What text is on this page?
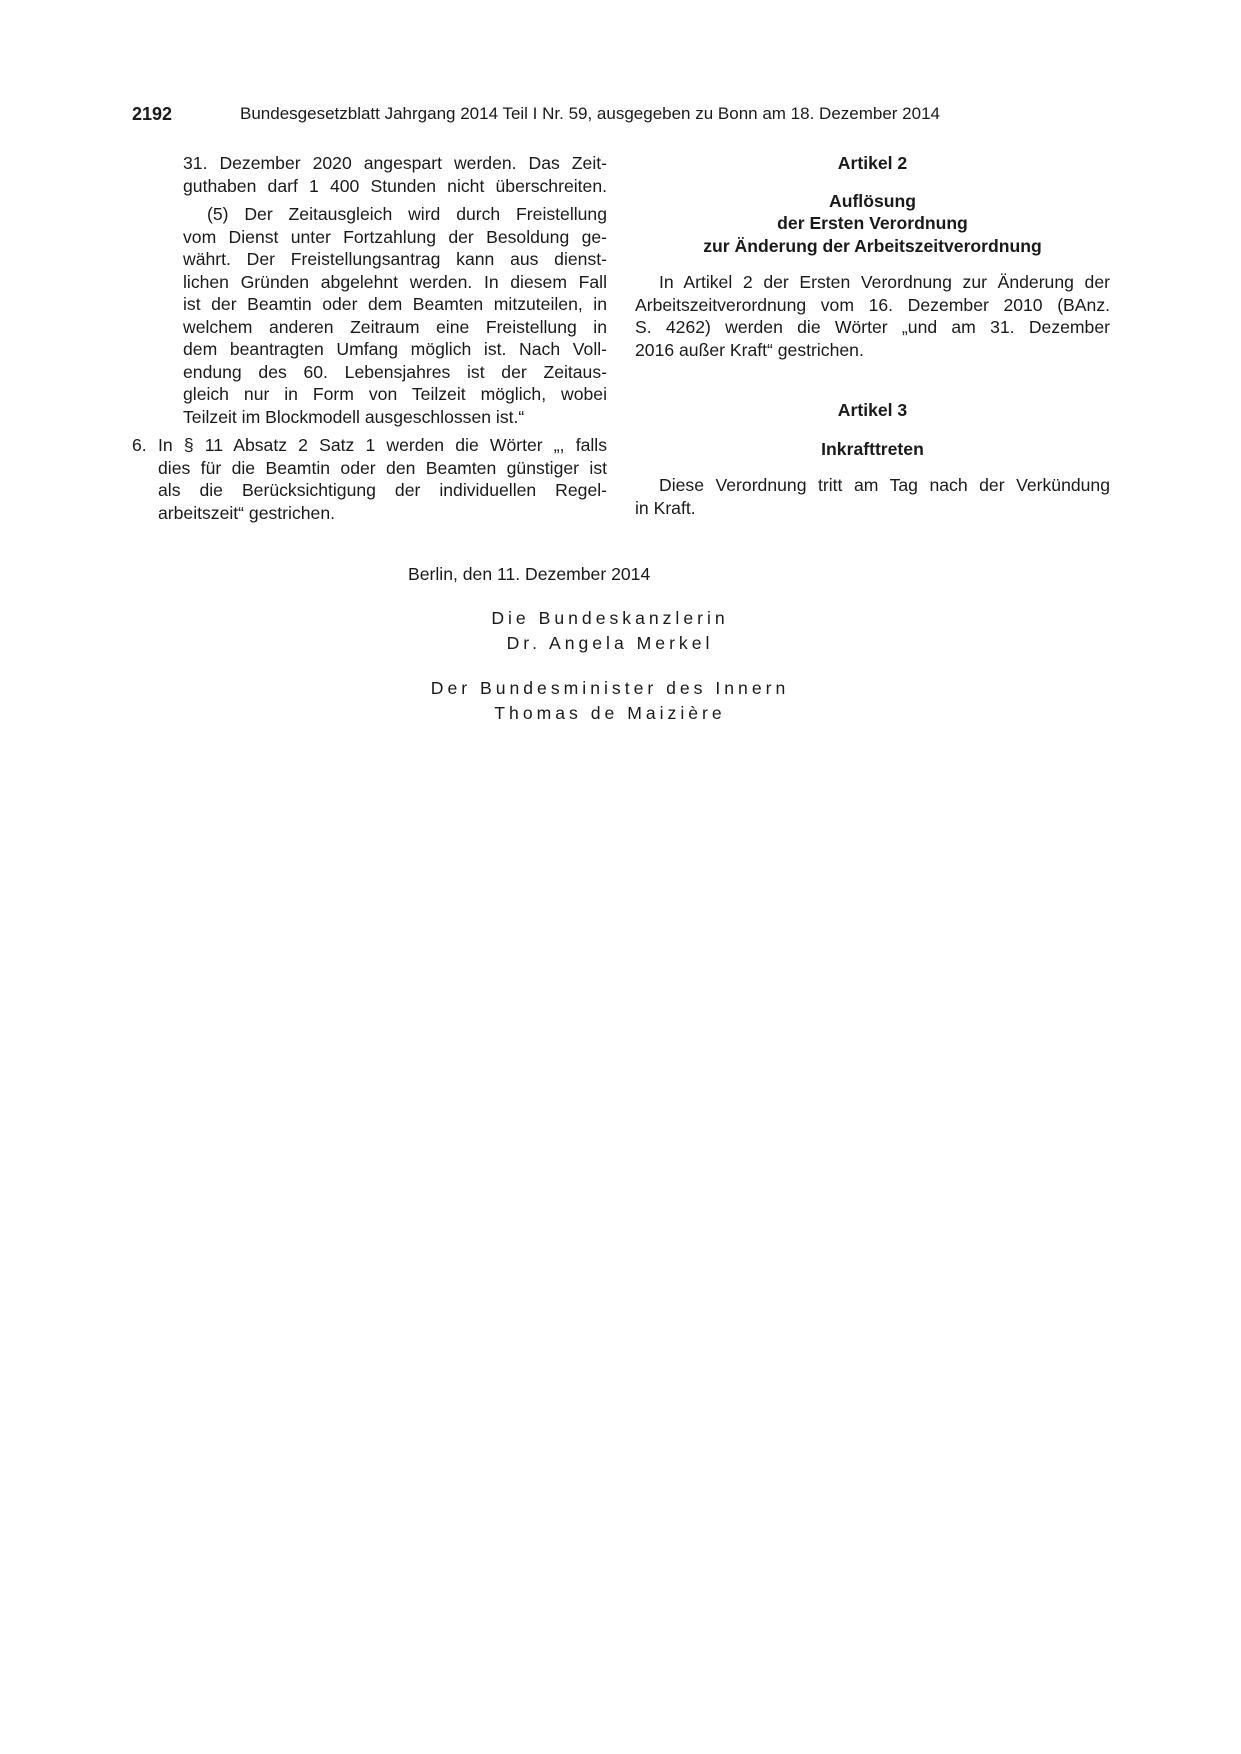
2192	Bundesgesetzblatt Jahrgang 2014 Teil I Nr. 59, ausgegeben zu Bonn am 18. Dezember 2014
31. Dezember 2020 angespart werden. Das Zeit-
guthaben darf 1 400 Stunden nicht überschreiten.
(5) Der Zeitausgleich wird durch Freistellung
vom Dienst unter Fortzahlung der Besoldung ge-
währt. Der Freistellungsantrag kann aus dienst-
lichen Gründen abgelehnt werden. In diesem Fall
ist der Beamtin oder dem Beamten mitzuteilen, in
welchem anderen Zeitraum eine Freistellung in
dem beantragten Umfang möglich ist. Nach Voll-
endung des 60. Lebensjahres ist der Zeitaus-
gleich nur in Form von Teilzeit möglich, wobei
Teilzeit im Blockmodell ausgeschlossen ist.“
6. In § 11 Absatz 2 Satz 1 werden die Wörter „, falls
dies für die Beamtin oder den Beamten günstiger ist
als die Berücksichtigung der individuellen Regel-
arbeitszeit“ gestrichen.
Artikel 2
Auflösung
der Ersten Verordnung
zur Änderung der Arbeitszeitverordnung
In Artikel 2 der Ersten Verordnung zur Änderung der
Arbeitszeitverordnung vom 16. Dezember 2010 (BAnz.
S. 4262) werden die Wörter „und am 31. Dezember
2016 außer Kraft“ gestrichen.
Artikel 3
Inkrafttreten
Diese Verordnung tritt am Tag nach der Verkündung
in Kraft.
Berlin, den 11. Dezember 2014
Die Bundeskanzlerin
Dr. Angela Merkel
Der Bundesminister des Innern
Thomas de Maizière
